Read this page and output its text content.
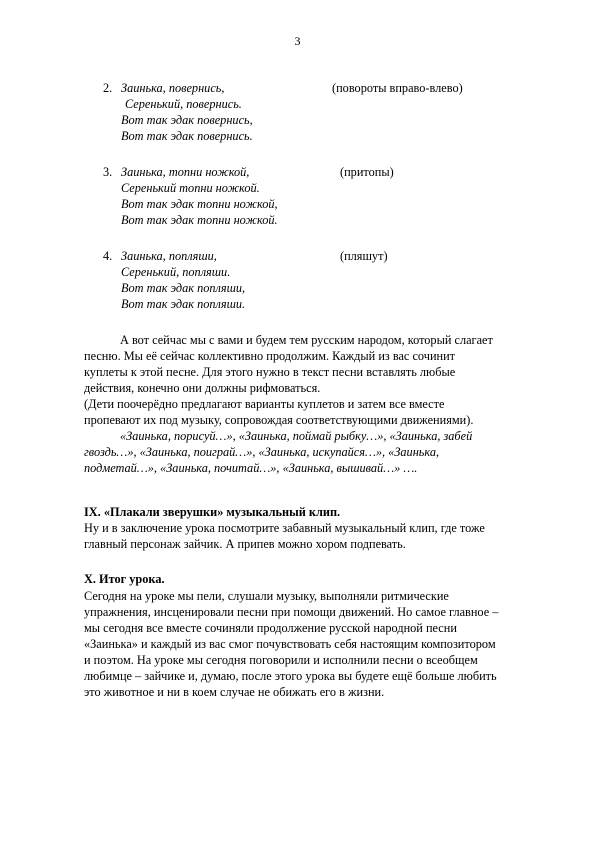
3
2. Заинька, повернись,	(повороты вправо-влево)
Серенький, повернись.
Вот так эдак повернись,
Вот так эдак повернись.
3. Заинька, топни ножкой,	(притопы)
Серенький топни ножкой.
Вот так эдак топни ножкой,
Вот так эдак топни ножкой.
4. Заинька, попляши,	(пляшут)
Серенький, попляши.
Вот так эдак попляши,
Вот так эдак попляши.

А вот сейчас мы с вами и будем тем русским народом, который слагает

песню. Мы её сейчас коллективно продолжим. Каждый из вас сочинит

куплеты к этой песне. Для этого нужно в текст песни вставлять любые

действия, конечно они должны рифмоваться.

(Дети поочерёдно предлагают варианты куплетов и затем все вместе

пропевают их под музыку, сопровождая соответствующими движениями).

«Заинька, порисуй…», «Заинька, поймай рыбку…», «Заинька, забей

гвоздь…», «Заинька, поиграй…», «Заинька, искупайся…», «Заинька,

подметай…», «Заинька, почитай…», «Заинька, вышивай…» ….

IX. «Плакали зверушки» музыкальный клип.

Ну и в заключение урока посмотрите забавный музыкальный клип, где тоже

главный персонаж зайчик. А припев можно хором подпевать.

X. Итог урока.

Сегодня на уроке мы пели, слушали музыку, выполняли ритмические

упражнения, инсценировали песни при помощи движений. Но самое главное –

мы сегодня все вместе сочиняли продолжение русской народной песни

«Заинька» и каждый из вас смог почувствовать себя настоящим композитором

и поэтом. На уроке мы сегодня поговорили и исполнили песни о всеобщем

любимце – зайчике и, думаю, после этого урока вы будете ещё больше любить

это животное и ни в коем случае не обижать его в жизни.
